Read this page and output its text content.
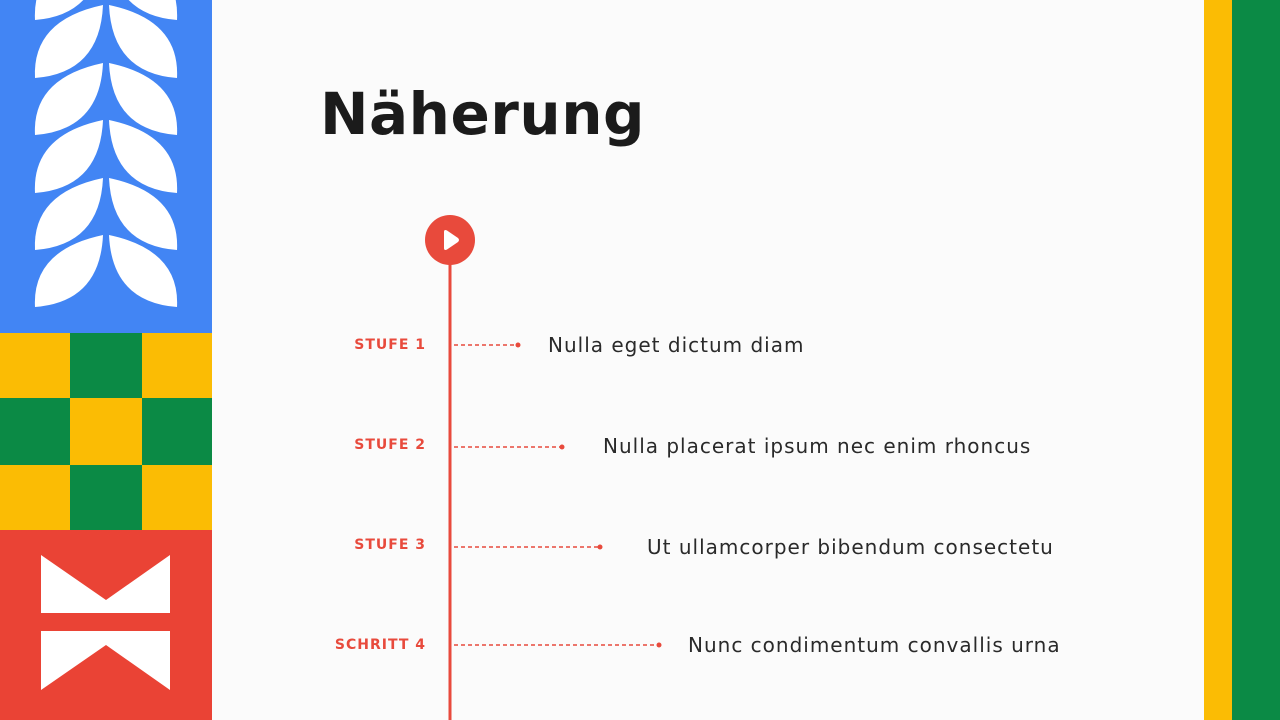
Näherung
STUFE 1
STUFE 2
STUFE 3
SCHRITT 4
Nulla eget dictum diam
Nulla placerat ipsum nec enim rhoncus
Ut ullamcorper bibendum consectetu
Nunc condimentum convallis urna
